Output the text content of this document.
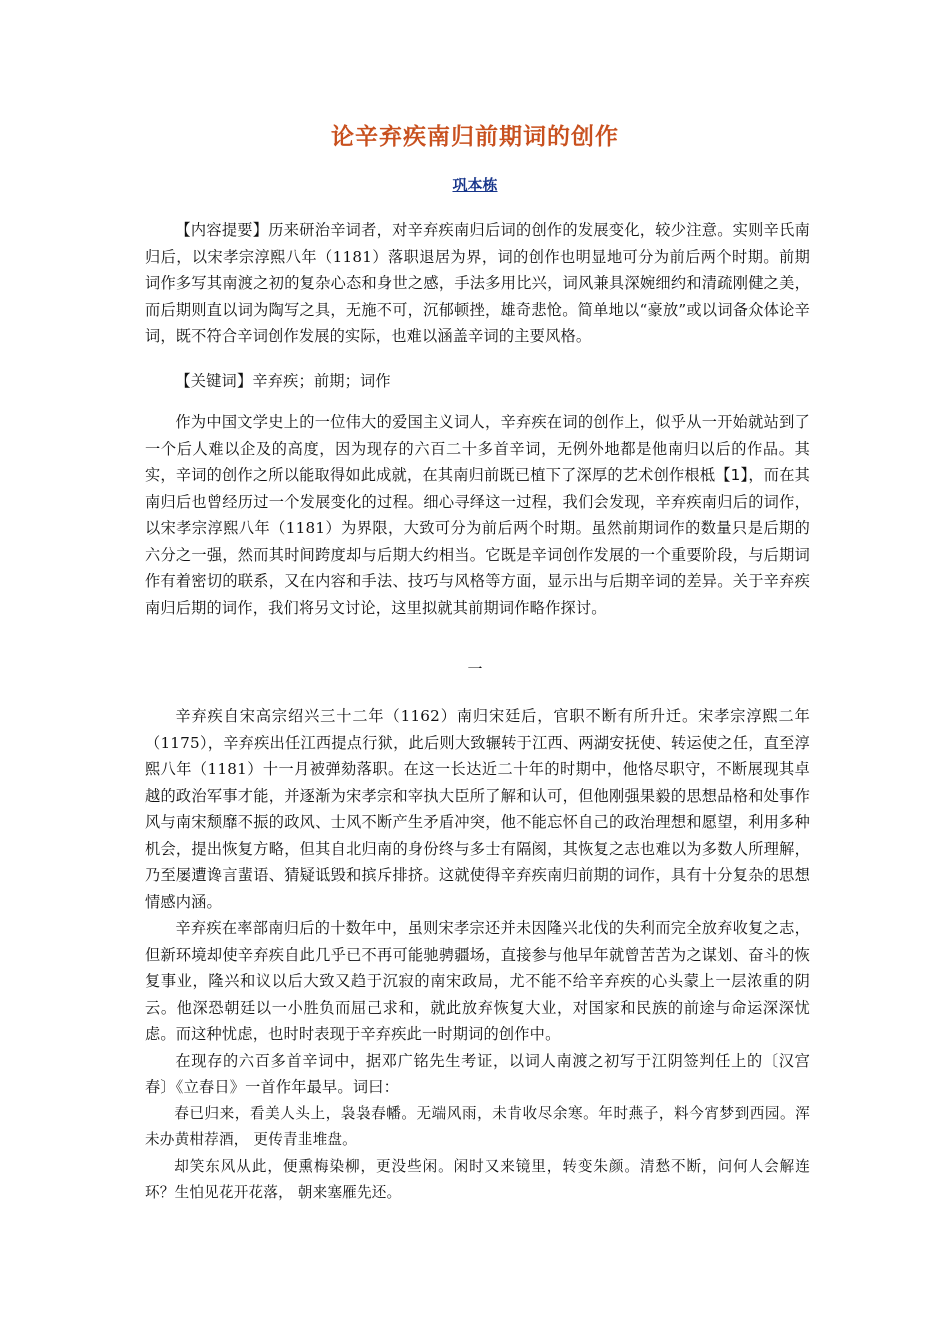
论辛弃疾南归前期词的创作
巩本栋

【内容提要】历来研治辛词者，对辛弃疾南归后词的创作的发展变化，较少注意。实则辛氏南归后，以宋孝宗淳熙八年（1181）落职退居为界，词的创作也明显地可分为前后两个时期。前期词作多写其南渡之初的复杂心态和身世之感，手法多用比兴，词风兼具深婉细约和清疏刚健之美，而后期则直以词为陶写之具，无施不可，沉郁顿挫，雄奇悲怆。简单地以“豪放”或以词备众体论辛词，既不符合辛词创作发展的实际，也难以涵盖辛词的主要风格。

【关键词】辛弃疾；前期；词作

作为中国文学史上的一位伟大的爱国主义词人，辛弃疾在词的创作上，似乎从一开始就站到了一个后人难以企及的高度，因为现存的六百二十多首辛词，无例外地都是他南归以后的作品。其实，辛词的创作之所以能取得如此成就，在其南归前既已植下了深厚的艺术创作根柢【1】，而在其南归后也曾经历过一个发展变化的过程。细心寻绎这一过程，我们会发现，辛弃疾南归后的词作，以宋孝宗淳熙八年（1181）为界限，大致可分为前后两个时期。虽然前期词作的数量只是后期的六分之一强，然而其时间跨度却与后期大约相当。它既是辛词创作发展的一个重要阶段，与后期词作有着密切的联系，又在内容和手法、技巧与风格等方面，显示出与后期辛词的差异。关于辛弃疾南归后期的词作，我们将另文讨论，这里拟就其前期词作略作探讨。

一

辛弃疾自宋高宗绍兴三十二年（1162）南归宋廷后，官职不断有所升迁。宋孝宗淳熙二年（1175），辛弃疾出任江西提点行狱，此后则大致辗转于江西、两湖安抚使、转运使之任，直至淳熙八年（1181）十一月被弹劾落职。在这一长达近二十年的时期中，他恪尽职守，不断展现其卓越的政治军事才能，并逐渐为宋孝宗和宰执大臣所了解和认可，但他刚强果毅的思想品格和处事作风与南宋颓靡不振的政风、士风不断产生矛盾冲突，他不能忘怀自己的政治理想和愿望，利用多种机会，提出恢复方略，但其自北归南的身份终与多士有隔阂，其恢复之志也难以为多数人所理解，乃至屡遭谗言蜚语、猜疑诋毁和摈斥排挤。这就使得辛弃疾南归前期的词作，具有十分复杂的思想情感内涵。

辛弃疾在率部南归后的十数年中，虽则宋孝宗还并未因隆兴北伐的失利而完全放弃收复之志，但新环境却使辛弃疾自此几乎已不再可能驰骋疆场，直接参与他早年就曾苦苦为之谋划、奋斗的恢复事业，隆兴和议以后大致又趋于沉寂的南宋政局，尤不能不给辛弃疾的心头蒙上一层浓重的阴云。他深恐朝廷以一小胜负而屈己求和，就此放弃恢复大业，对国家和民族的前途与命运深深忧虑。而这种忧虑，也时时表现于辛弃疾此一时期词的创作中。

在现存的六百多首辛词中，据邓广铭先生考证，以词人南渡之初写于江阴签判任上的〔汉宫春〕《立春日》一首作年最早。词曰：

春已归来，看美人头上，袅袅春幡。无端风雨，未肯收尽余寒。年时燕子，料今宵梦到西园。浑未办黄柑荐酒， 更传青韭堆盘。

却笑东风从此，便熏梅染柳，更没些闲。闲时又来镜里，转变朱颜。清愁不断，问何人会解连环？生怕见花开花落， 朝来塞雁先还。
